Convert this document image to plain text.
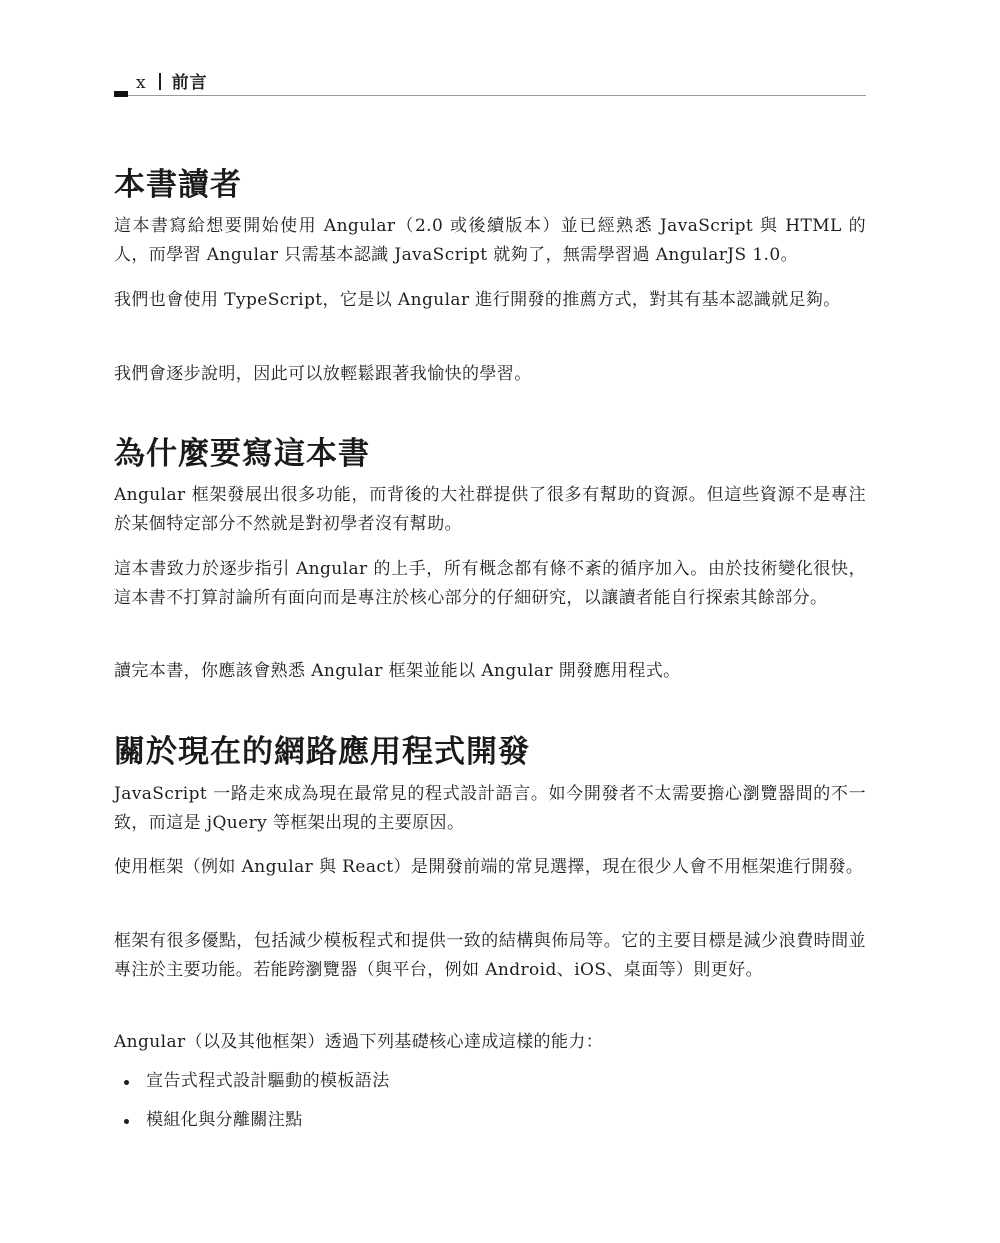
x 前言
本書讀者

這本書寫給想要開始使用 Angular（2.0 或後續版本）並已經熟悉 JavaScript 與 HTML 的人，而學習 Angular 只需基本認識 JavaScript 就夠了，無需學習過 AngularJS 1.0。

我們也會使用 TypeScript，它是以 Angular 進行開發的推薦方式，對其有基本認識就足夠。

我們會逐步說明，因此可以放輕鬆跟著我愉快的學習。

為什麼要寫這本書

Angular 框架發展出很多功能，而背後的大社群提供了很多有幫助的資源。但這些資源不是專注於某個特定部分不然就是對初學者沒有幫助。

這本書致力於逐步指引 Angular 的上手，所有概念都有條不紊的循序加入。由於技術變化很快，這本書不打算討論所有面向而是專注於核心部分的仔細研究，以讓讀者能自行探索其餘部分。

讀完本書，你應該會熟悉 Angular 框架並能以 Angular 開發應用程式。

關於現在的網路應用程式開發

JavaScript 一路走來成為現在最常見的程式設計語言。如今開發者不太需要擔心瀏覽器間的不一致，而這是 jQuery 等框架出現的主要原因。

使用框架（例如 Angular 與 React）是開發前端的常見選擇，現在很少人會不用框架進行開發。

框架有很多優點，包括減少模板程式和提供一致的結構與佈局等。它的主要目標是減少浪費時間並專注於主要功能。若能跨瀏覽器（與平台，例如 Android、iOS、桌面等）則更好。

Angular（以及其他框架）透過下列基礎核心達成這樣的能力：

宣告式程式設計驅動的模板語法
模組化與分離關注點
